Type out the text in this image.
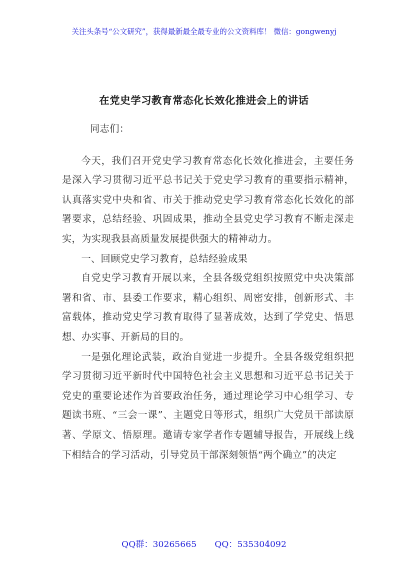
关注头条号“公文研究”，获得最新最全最专业的公文资料库！ 微信：gongwenyj
在党史学习教育常态化长效化推进会上的讲话

同志们：

今天，我们召开党史学习教育常态化长效化推进会，主要任务是深入学习贯彻习近平总书记关于党史学习教育的重要指示精神，认真落实党中央和省、市关于推动党史学习教育常态化长效化的部署要求，总结经验、巩固成果，推动全县党史学习教育不断走深走实，为实现我县高质量发展提供强大的精神动力。

一、回顾党史学习教育，总结经验成果

自党史学习教育开展以来，全县各级党组织按照党中央决策部署和省、市、县委工作要求，精心组织、周密安排，创新形式、丰富载体，推动党史学习教育取得了显著成效，达到了学党史、悟思想、办实事、开新局的目的。

一是强化理论武装，政治自觉进一步提升。全县各级党组织把学习贯彻习近平新时代中国特色社会主义思想和习近平总书记关于党史的重要论述作为首要政治任务，通过理论学习中心组学习、专题读书班、“三会一课”、主题党日等形式，组织广大党员干部读原著、学原文、悟原理。邀请专家学者作专题辅导报告，开展线上线下相结合的学习活动，引导党员干部深刻领悟“两个确立”的决定

QQ群：30265665 QQ：535304092
